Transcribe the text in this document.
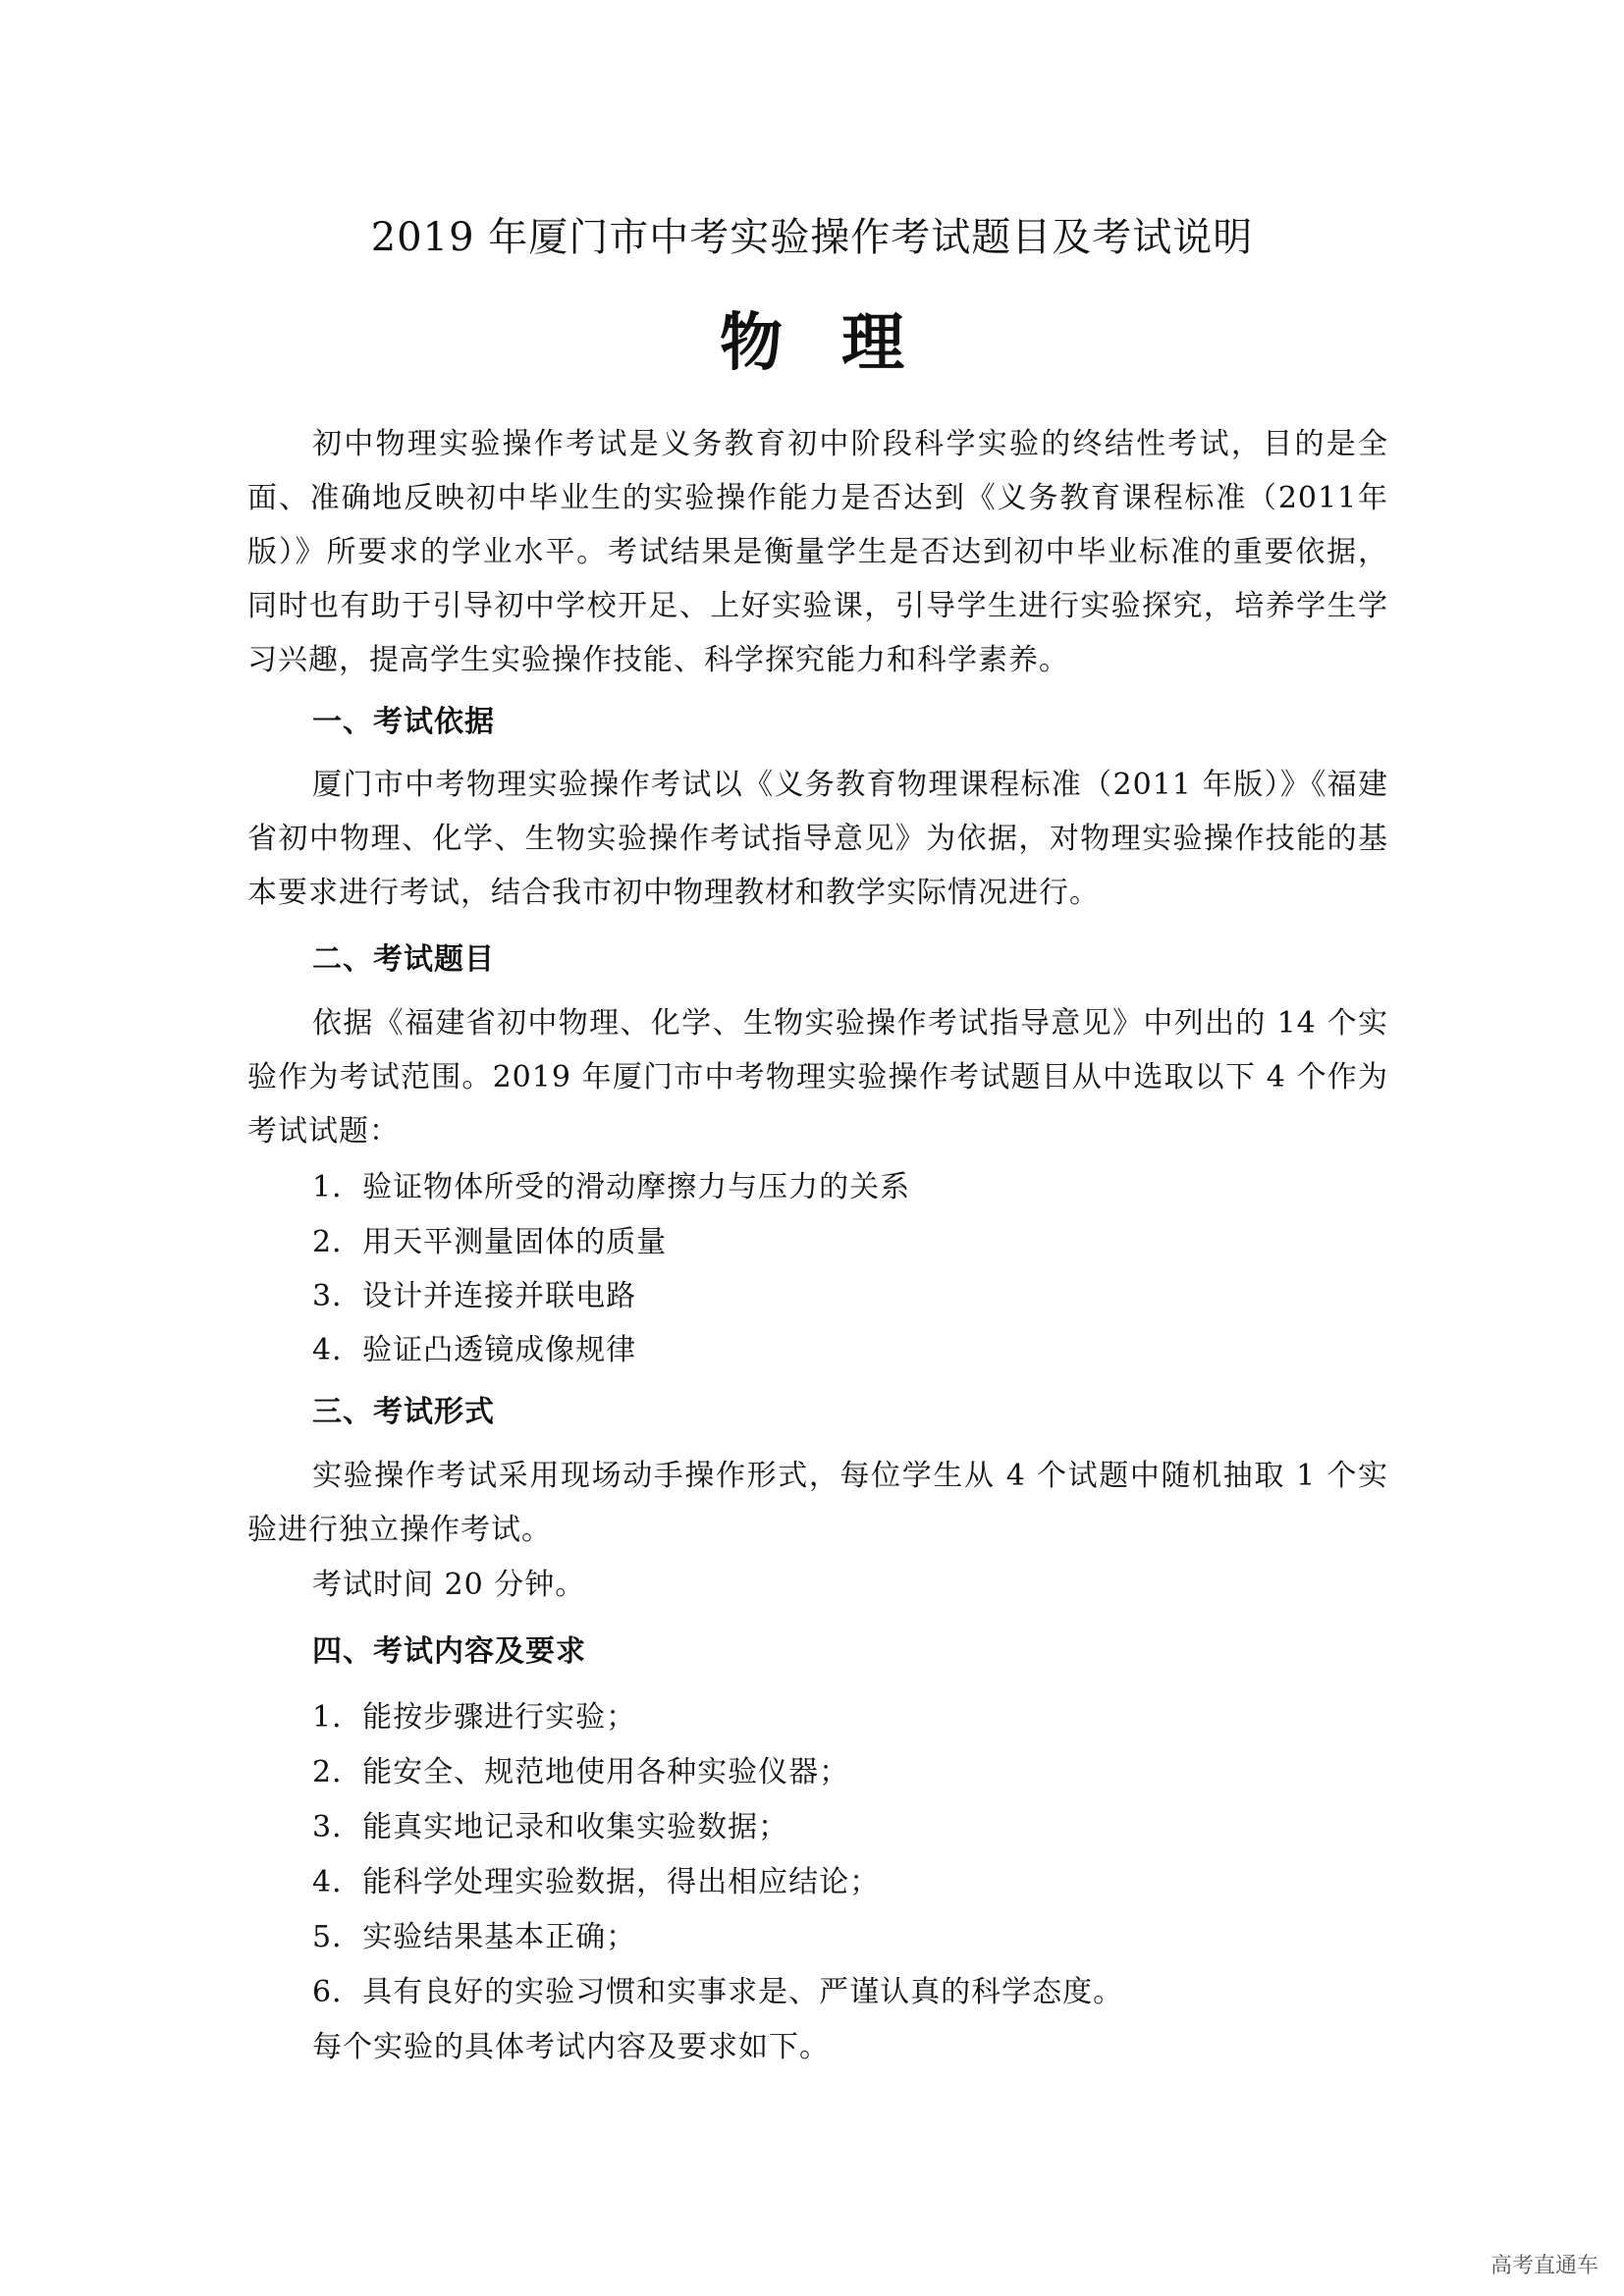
2019 年厦门市中考实验操作考试题目及考试说明
物理
初中物理实验操作考试是义务教育初中阶段科学实验的终结性考试，目的是全面、准确地反映初中毕业生的实验操作能力是否达到《义务教育课程标准（2011年版）》所要求的学业水平。考试结果是衡量学生是否达到初中毕业标准的重要依据，同时也有助于引导初中学校开足、上好实验课，引导学生进行实验探究，培养学生学习兴趣，提高学生实验操作技能、科学探究能力和科学素养。
一、考试依据
厦门市中考物理实验操作考试以《义务教育物理课程标准（2011 年版）》《福建省初中物理、化学、生物实验操作考试指导意见》为依据，对物理实验操作技能的基本要求进行考试，结合我市初中物理教材和教学实际情况进行。
二、考试题目
依据《福建省初中物理、化学、生物实验操作考试指导意见》中列出的 14 个实验作为考试范围。2019 年厦门市中考物理实验操作考试题目从中选取以下 4 个作为考试试题：
1．验证物体所受的滑动摩擦力与压力的关系
2．用天平测量固体的质量
3．设计并连接并联电路
4．验证凸透镜成像规律
三、考试形式
实验操作考试采用现场动手操作形式，每位学生从 4 个试题中随机抽取 1 个实验进行独立操作考试。
考试时间 20 分钟。
四、考试内容及要求
1．能按步骤进行实验；
2．能安全、规范地使用各种实验仪器；
3．能真实地记录和收集实验数据；
4．能科学处理实验数据，得出相应结论；
5．实验结果基本正确；
6．具有良好的实验习惯和实事求是、严谨认真的科学态度。
每个实验的具体考试内容及要求如下。
高考直通车
